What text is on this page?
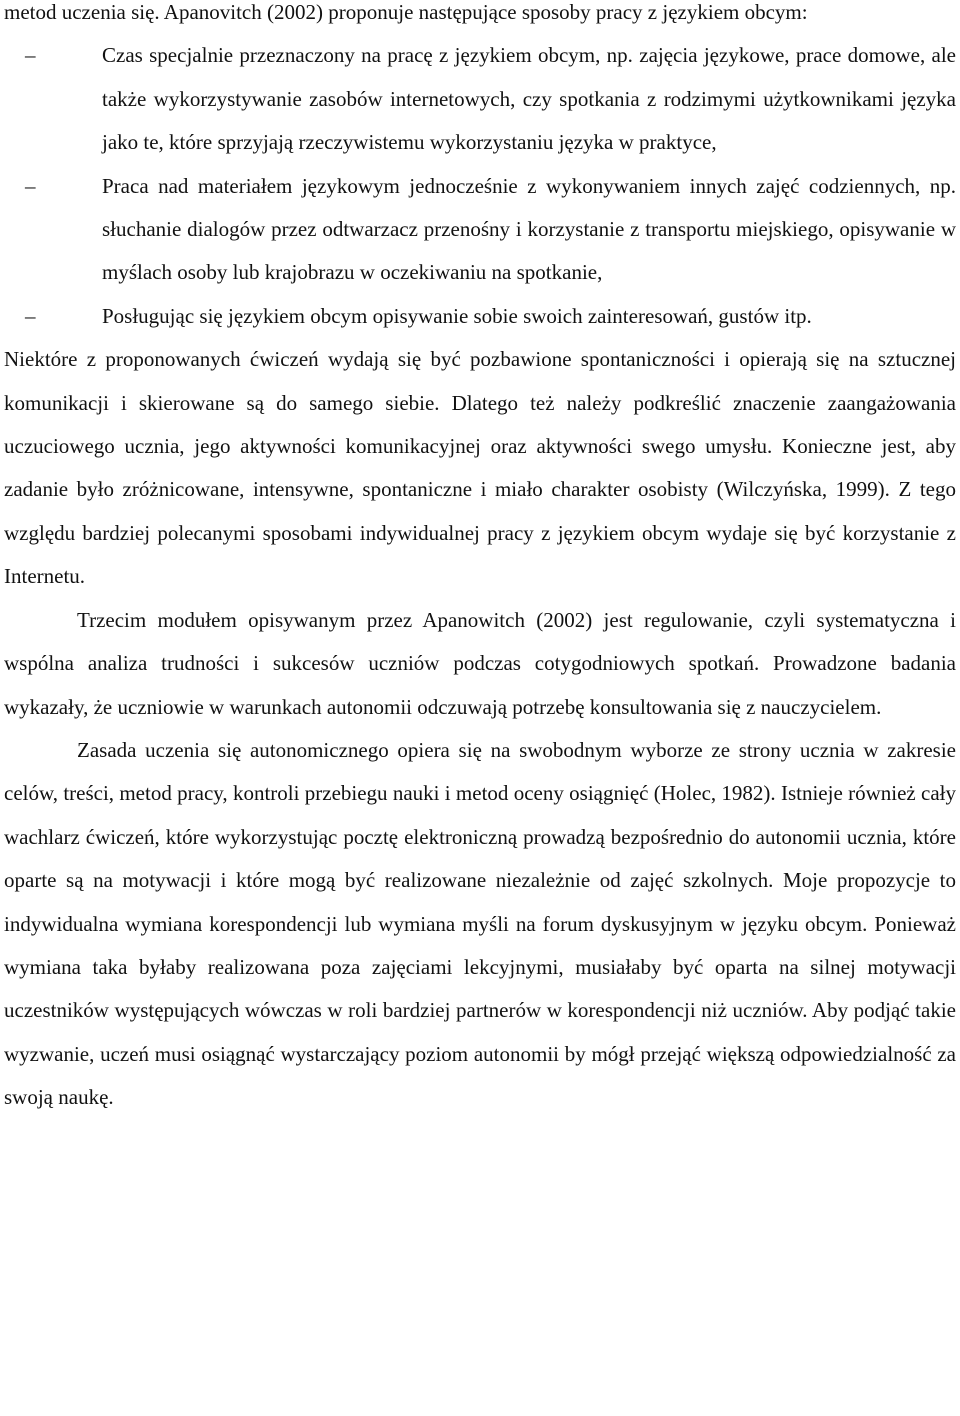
metod uczenia się. Apanovitch (2002) proponuje następujące sposoby pracy z językiem obcym:

–	Czas specjalnie przeznaczony na pracę z językiem obcym, np. zajęcia językowe, prace domowe, ale także wykorzystywanie zasobów internetowych, czy spotkania z rodzimymi użytkownikami języka jako te, które sprzyjają rzeczywistemu wykorzystaniu języka w praktyce,
–	Praca nad materiałem językowym jednocześnie z wykonywaniem innych zajęć codziennych, np. słuchanie dialogów przez odtwarzacz przenośny i korzystanie z transportu miejskiego, opisywanie w myślach osoby lub krajobrazu w oczekiwaniu na spotkanie,
–	Posługując się językiem obcym opisywanie sobie swoich zainteresowań, gustów itp.

Niektóre z proponowanych ćwiczeń wydają się być pozbawione spontaniczności i opierają się na sztucznej komunikacji i skierowane są do samego siebie. Dlatego też należy podkreślić znaczenie zaangażowania uczuciowego ucznia, jego aktywności komunikacyjnej oraz aktywności swego umysłu. Konieczne jest, aby zadanie było zróżnicowane, intensywne, spontaniczne i miało charakter osobisty (Wilczyńska, 1999). Z tego względu bardziej polecanymi sposobami indywidualnej pracy z językiem obcym wydaje się być korzystanie z Internetu.

Trzecim modułem opisywanym przez Apanowitch (2002) jest regulowanie, czyli systematyczna i wspólna analiza trudności i sukcesów uczniów podczas cotygodniowych spotkań. Prowadzone badania wykazały, że uczniowie w warunkach autonomii odczuwają potrzebę konsultowania się z nauczycielem.

Zasada uczenia się autonomicznego opiera się na swobodnym wyborze ze strony ucznia w zakresie celów, treści, metod pracy, kontroli przebiegu nauki i metod oceny osiągnięć (Holec, 1982). Istnieje również cały wachlarz ćwiczeń, które wykorzystując pocztę elektroniczną prowadzą bezpośrednio do autonomii ucznia, które oparte są na motywacji i które mogą być realizowane niezależnie od zajęć szkolnych. Moje propozycje to indywidualna wymiana korespondencji lub wymiana myśli na forum dyskusyjnym w języku obcym. Ponieważ wymiana taka byłaby realizowana poza zajęciami lekcyjnymi, musiałaby być oparta na silnej motywacji uczestników występujących wówczas w roli bardziej partnerów w korespondencji niż uczniów. Aby podjąć takie wyzwanie, uczeń musi osiągnąć wystarczający poziom autonomii by mógł przejąć większą odpowiedzialność za swoją naukę.
